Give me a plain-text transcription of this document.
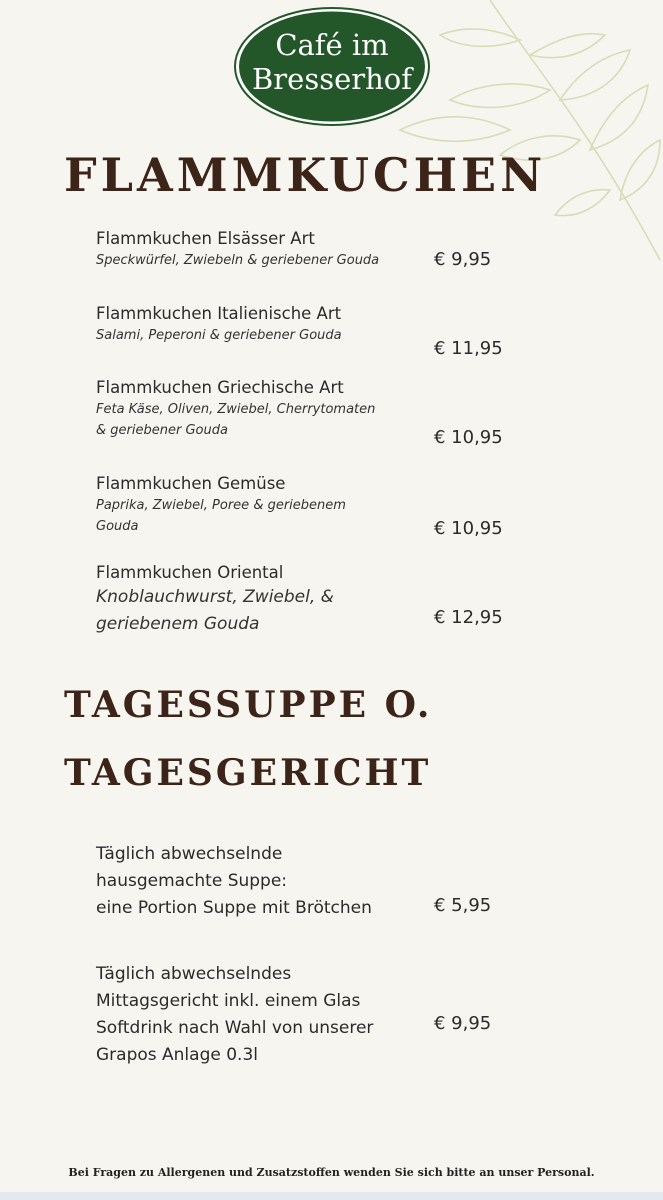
Café im
Bresserhof
FLAMMKUCHEN
Flammkuchen Elsässer Art
Speckwürfel, Zwiebeln & geriebener Gouda	€ 9,95
Flammkuchen Italienische Art
Salami, Peperoni & geriebener Gouda
€ 11,95
Flammkuchen Griechische Art
Feta Käse, Oliven, Zwiebel, Cherrytomaten
& geriebener Gouda	€ 10,95
Flammkuchen Gemüse
Paprika, Zwiebel, Poree & geriebenem
Gouda	€ 10,95
Flammkuchen Oriental
Knoblauchwurst, Zwiebel, &
geriebenem Gouda	€ 12,95
TAGESSUPPE O.
TAGESGERICHT
Täglich abwechselnde
hausgemachte Suppe:
eine Portion Suppe mit Brötchen	€ 5,95
Täglich abwechselndes
Mittagsgericht inkl. einem Glas
Softdrink nach Wahl von unserer
Grapos Anlage 0.3l
€ 9,95
Bei Fragen zu Allergenen und Zusatzstoffen wenden Sie sich bitte an unser Personal.
